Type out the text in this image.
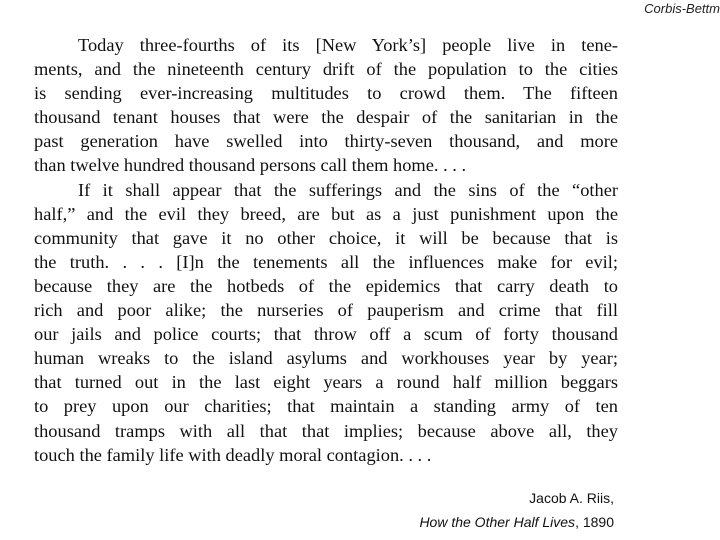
Corbis-Bettm
Today three-fourths of its [New York’s] people live in tene-
ments, and the nineteenth century drift of the population to the cities
is sending ever-increasing multitudes to crowd them. The fifteen
thousand tenant houses that were the despair of the sanitarian in the
past generation have swelled into thirty-seven thousand, and more
than twelve hundred thousand persons call them home. . . .
If it shall appear that the sufferings and the sins of the “other
half,” and the evil they breed, are but as a just punishment upon the
community that gave it no other choice, it will be because that is
the truth. . . . [I]n the tenements all the influences make for evil;
because they are the hotbeds of the epidemics that carry death to
rich and poor alike; the nurseries of pauperism and crime that fill
our jails and police courts; that throw off a scum of forty thousand
human wreaks to the island asylums and workhouses year by year;
that turned out in the last eight years a round half million beggars
to prey upon our charities; that maintain a standing army of ten
thousand tramps with all that that implies; because above all, they
touch the family life with deadly moral contagion. . . .
Jacob A. Riis,
How the Other Half Lives, 1890
